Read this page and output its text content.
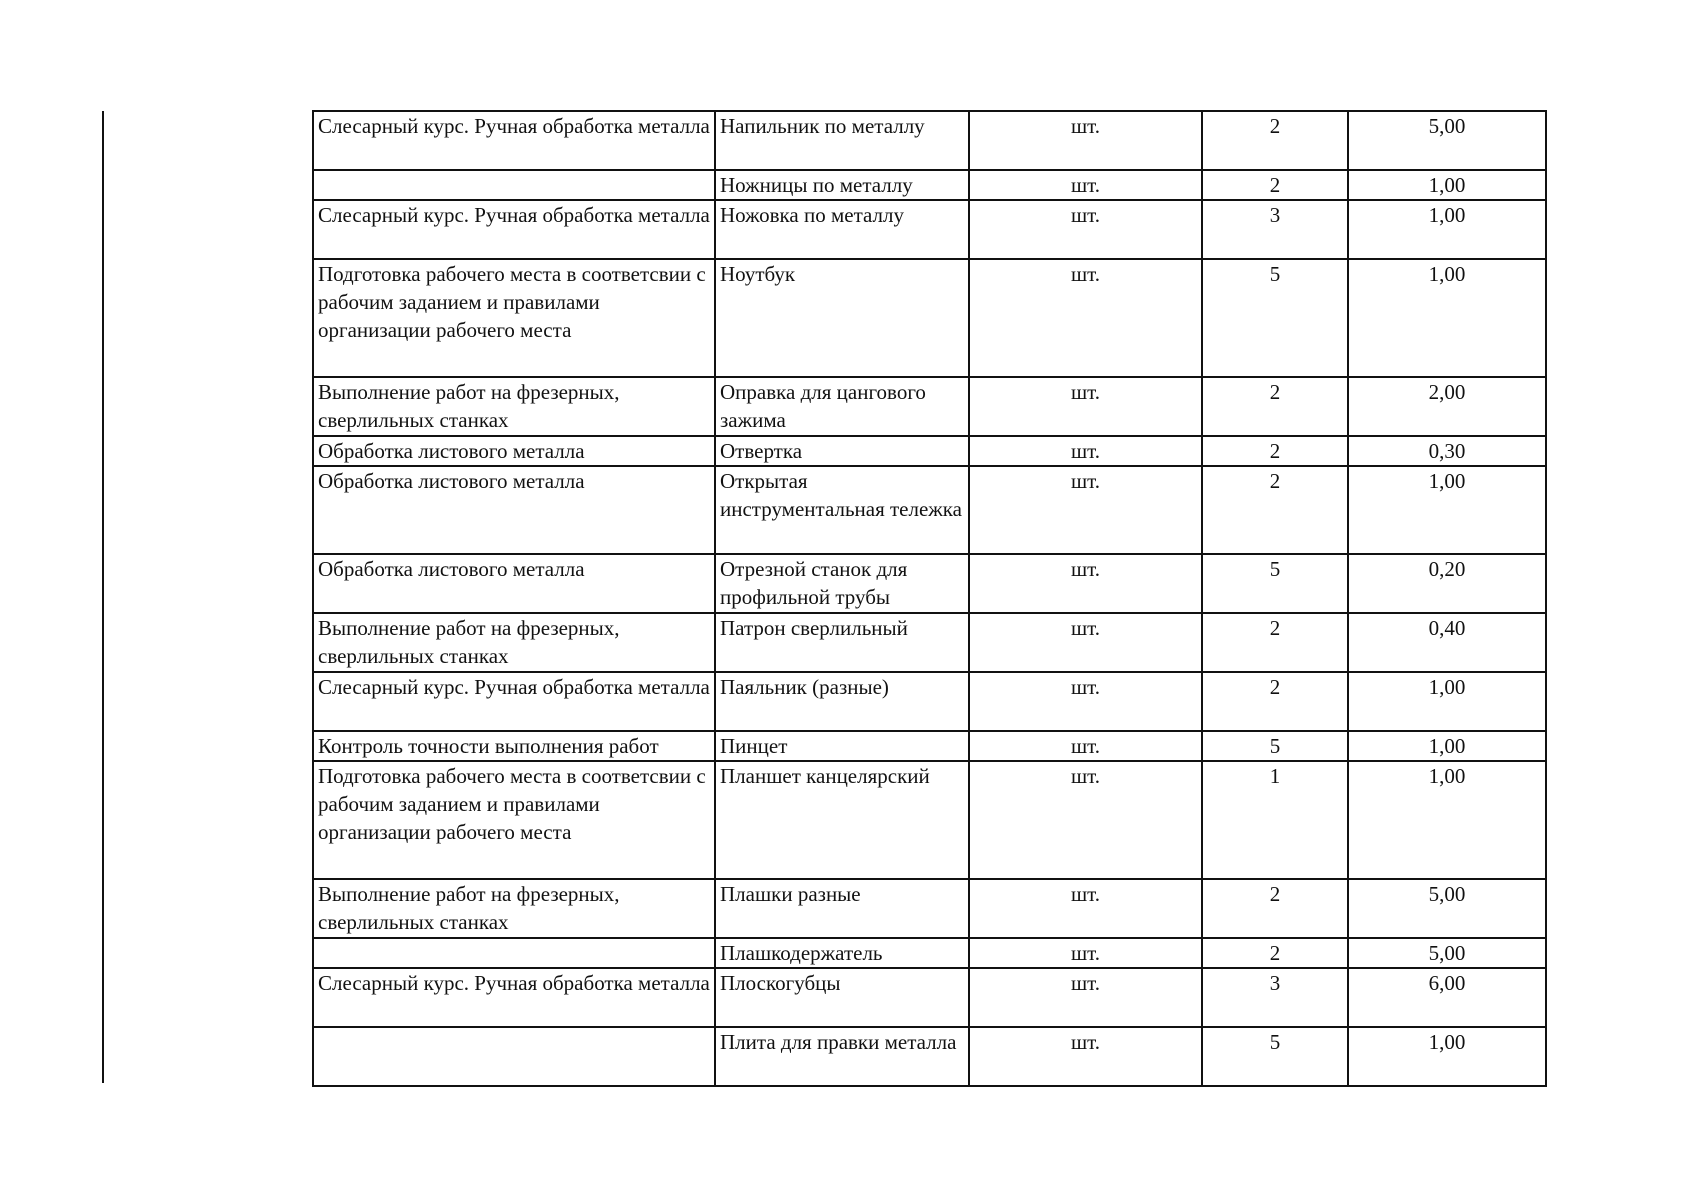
Слесарный курс. Ручная обработка металла	Напильник по металлу	шт.	2	5,00
	Ножницы по металлу	шт.	2	1,00
Слесарный курс. Ручная обработка металла	Ножовка по металлу	шт.	3	1,00
Подготовка рабочего места в соответсвии с рабочим заданием и правилами организации рабочего места	Ноутбук	шт.	5	1,00
Выполнение работ на фрезерных, сверлильных станках	Оправка для цангового зажима	шт.	2	2,00
Обработка листового металла	Отвертка	шт.	2	0,30
Обработка листового металла	Открытая инструментальная тележка	шт.	2	1,00
Обработка листового металла	Отрезной станок для профильной трубы	шт.	5	0,20
Выполнение работ на фрезерных, сверлильных станках	Патрон сверлильный	шт.	2	0,40
Слесарный курс. Ручная обработка металла	Паяльник (разные)	шт.	2	1,00
Контроль точности выполнения работ	Пинцет	шт.	5	1,00
Подготовка рабочего места в соответсвии с рабочим заданием и правилами организации рабочего места	Планшет канцелярский	шт.	1	1,00
Выполнение работ на фрезерных, сверлильных станках	Плашки разные	шт.	2	5,00
	Плашкодержатель	шт.	2	5,00
Слесарный курс. Ручная обработка металла	Плоскогубцы	шт.	3	6,00
	Плита для правки металла	шт.	5	1,00
